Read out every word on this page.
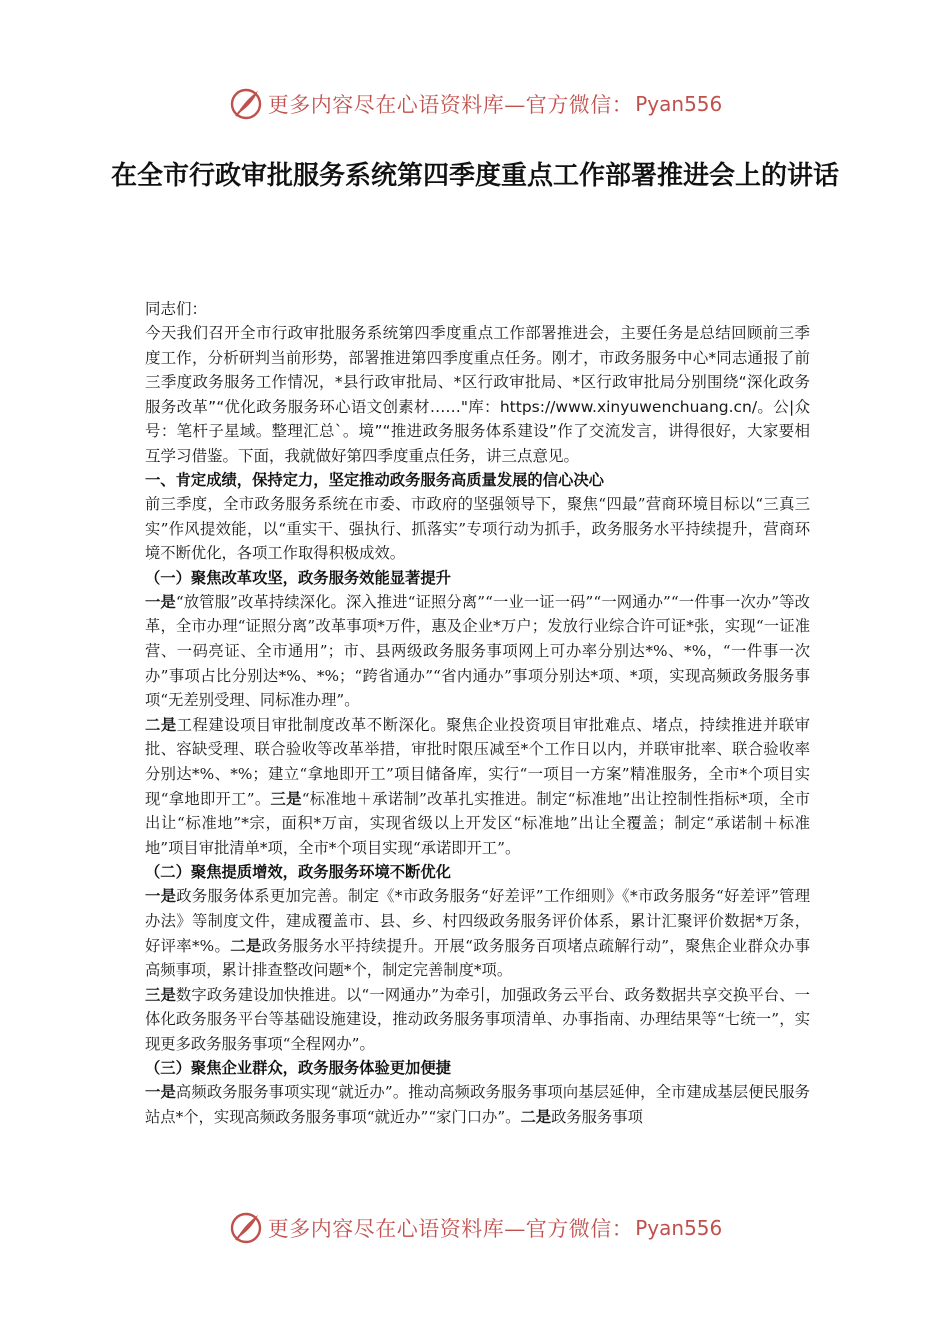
更多内容尽在心语资料库—官方微信： Pyan556
在全市行政审批服务系统第四季度重点工作部署推进会上的讲话

同志们：

今天我们召开全市行政审批服务系统第四季度重点工作部署推进会，主要任务是总结回顾前三季度工作，分析研判当前形势，部署推进第四季度重点任务。刚才，市政务服务中心*同志通报了前三季度政务服务工作情况，*县行政审批局、*区行政审批局、*区行政审批局分别围绕“深化政务服务改革”“优化政务服务环心语文创素材……"库：https://www.xinyuwenchuang.cn/。公|众号：笔杆子星域。整理汇总`。境”“推进政务服务体系建设”作了交流发言，讲得很好，大家要相互学习借鉴。下面，我就做好第四季度重点任务，讲三点意见。

一、肯定成绩，保持定力，坚定推动政务服务高质量发展的信心决心

前三季度，全市政务服务系统在市委、市政府的坚强领导下，聚焦“四最”营商环境目标以“三真三实”作风提效能，以“重实干、强执行、抓落实”专项行动为抓手，政务服务水平持续提升，营商环境不断优化，各项工作取得积极成效。

（一）聚焦改革攻坚，政务服务效能显著提升

一是“放管服”改革持续深化。深入推进“证照分离”“一业一证一码”“一网通办”“一件事一次办”等改革，全市办理“证照分离”改革事项*万件，惠及企业*万户；发放行业综合许可证*张，实现“一证准营、一码亮证、全市通用”；市、县两级政务服务事项网上可办率分别达*%、*%，“一件事一次办”事项占比分别达*%、*%；“跨省通办”“省内通办”事项分别达*项、*项，实现高频政务服务事项“无差别受理、同标准办理”。

二是工程建设项目审批制度改革不断深化。聚焦企业投资项目审批难点、堵点，持续推进并联审批、容缺受理、联合验收等改革举措，审批时限压减至*个工作日以内，并联审批率、联合验收率分别达*%、*%；建立“拿地即开工”项目储备库，实行“一项目一方案”精准服务，全市*个项目实现“拿地即开工”。三是“标准地＋承诺制”改革扎实推进。制定“标准地”出让控制性指标*项，全市出让“标准地”*宗，面积*万亩，实现省级以上开发区“标准地”出让全覆盖；制定“承诺制＋标准地”项目审批清单*项，全市*个项目实现“承诺即开工”。

（二）聚焦提质增效，政务服务环境不断优化

一是政务服务体系更加完善。制定《*市政务服务“好差评”工作细则》《*市政务服务“好差评”管理办法》等制度文件，建成覆盖市、县、乡、村四级政务服务评价体系，累计汇聚评价数据*万条，好评率*%。二是政务服务水平持续提升。开展“政务服务百项堵点疏解行动”，聚焦企业群众办事高频事项，累计排查整改问题*个，制定完善制度*项。

三是数字政务建设加快推进。以“一网通办”为牵引，加强政务云平台、政务数据共享交换平台、一体化政务服务平台等基础设施建设，推动政务服务事项清单、办事指南、办理结果等“七统一”，实现更多政务服务事项“全程网办”。

（三）聚焦企业群众，政务服务体验更加便捷

一是高频政务服务事项实现“就近办”。推动高频政务服务事项向基层延伸，全市建成基层便民服务站点*个，实现高频政务服务事项“就近办”“家门口办”。二是政务服务事项

更多内容尽在心语资料库—官方微信： Pyan556
